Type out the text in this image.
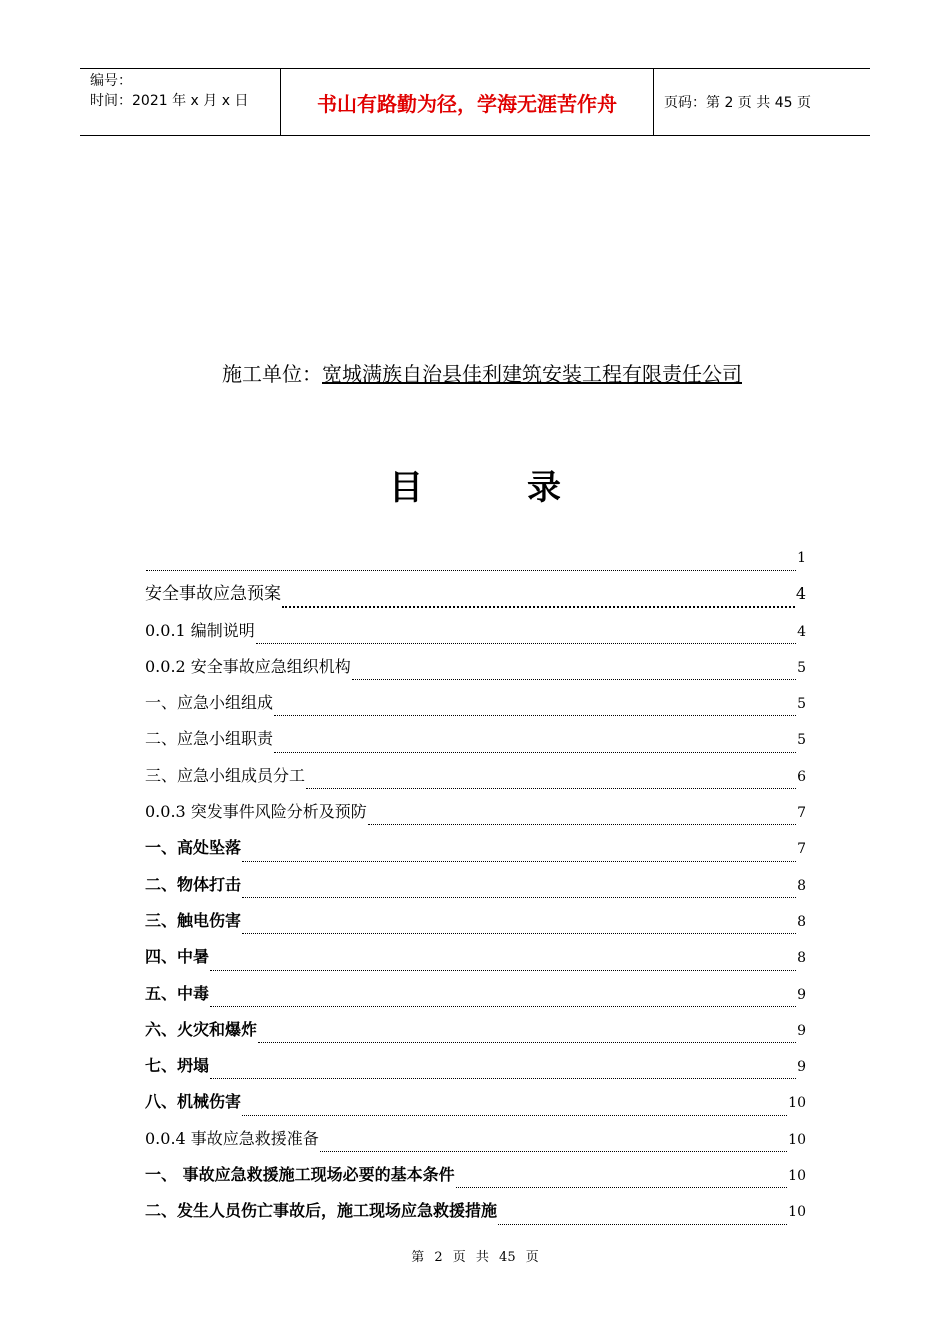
编号：
时间：2021 年 x 月 x 日	书山有路勤为径，学海无涯苦作舟	页码：第 2 页 共 45 页
施工单位：宽城满族自治县佳利建筑安装工程有限责任公司
目	录
1
安全事故应急预案	4
0.0.1 编制说明	4
0.0.2 安全事故应急组织机构	5
一、应急小组组成	5
二、应急小组职责	5
三、应急小组成员分工	6
0.0.3 突发事件风险分析及预防	7
一、高处坠落	7
二、物体打击	8
三、触电伤害	8
四、中暑	8
五、中毒	9
六、火灾和爆炸	9
七、坍塌	9
八、机械伤害	10
0.0.4 事故应急救援准备	10
一、 事故应急救援施工现场必要的基本条件	10
二、发生人员伤亡事故后，施工现场应急救援措施	10
第 2 页 共 45 页
